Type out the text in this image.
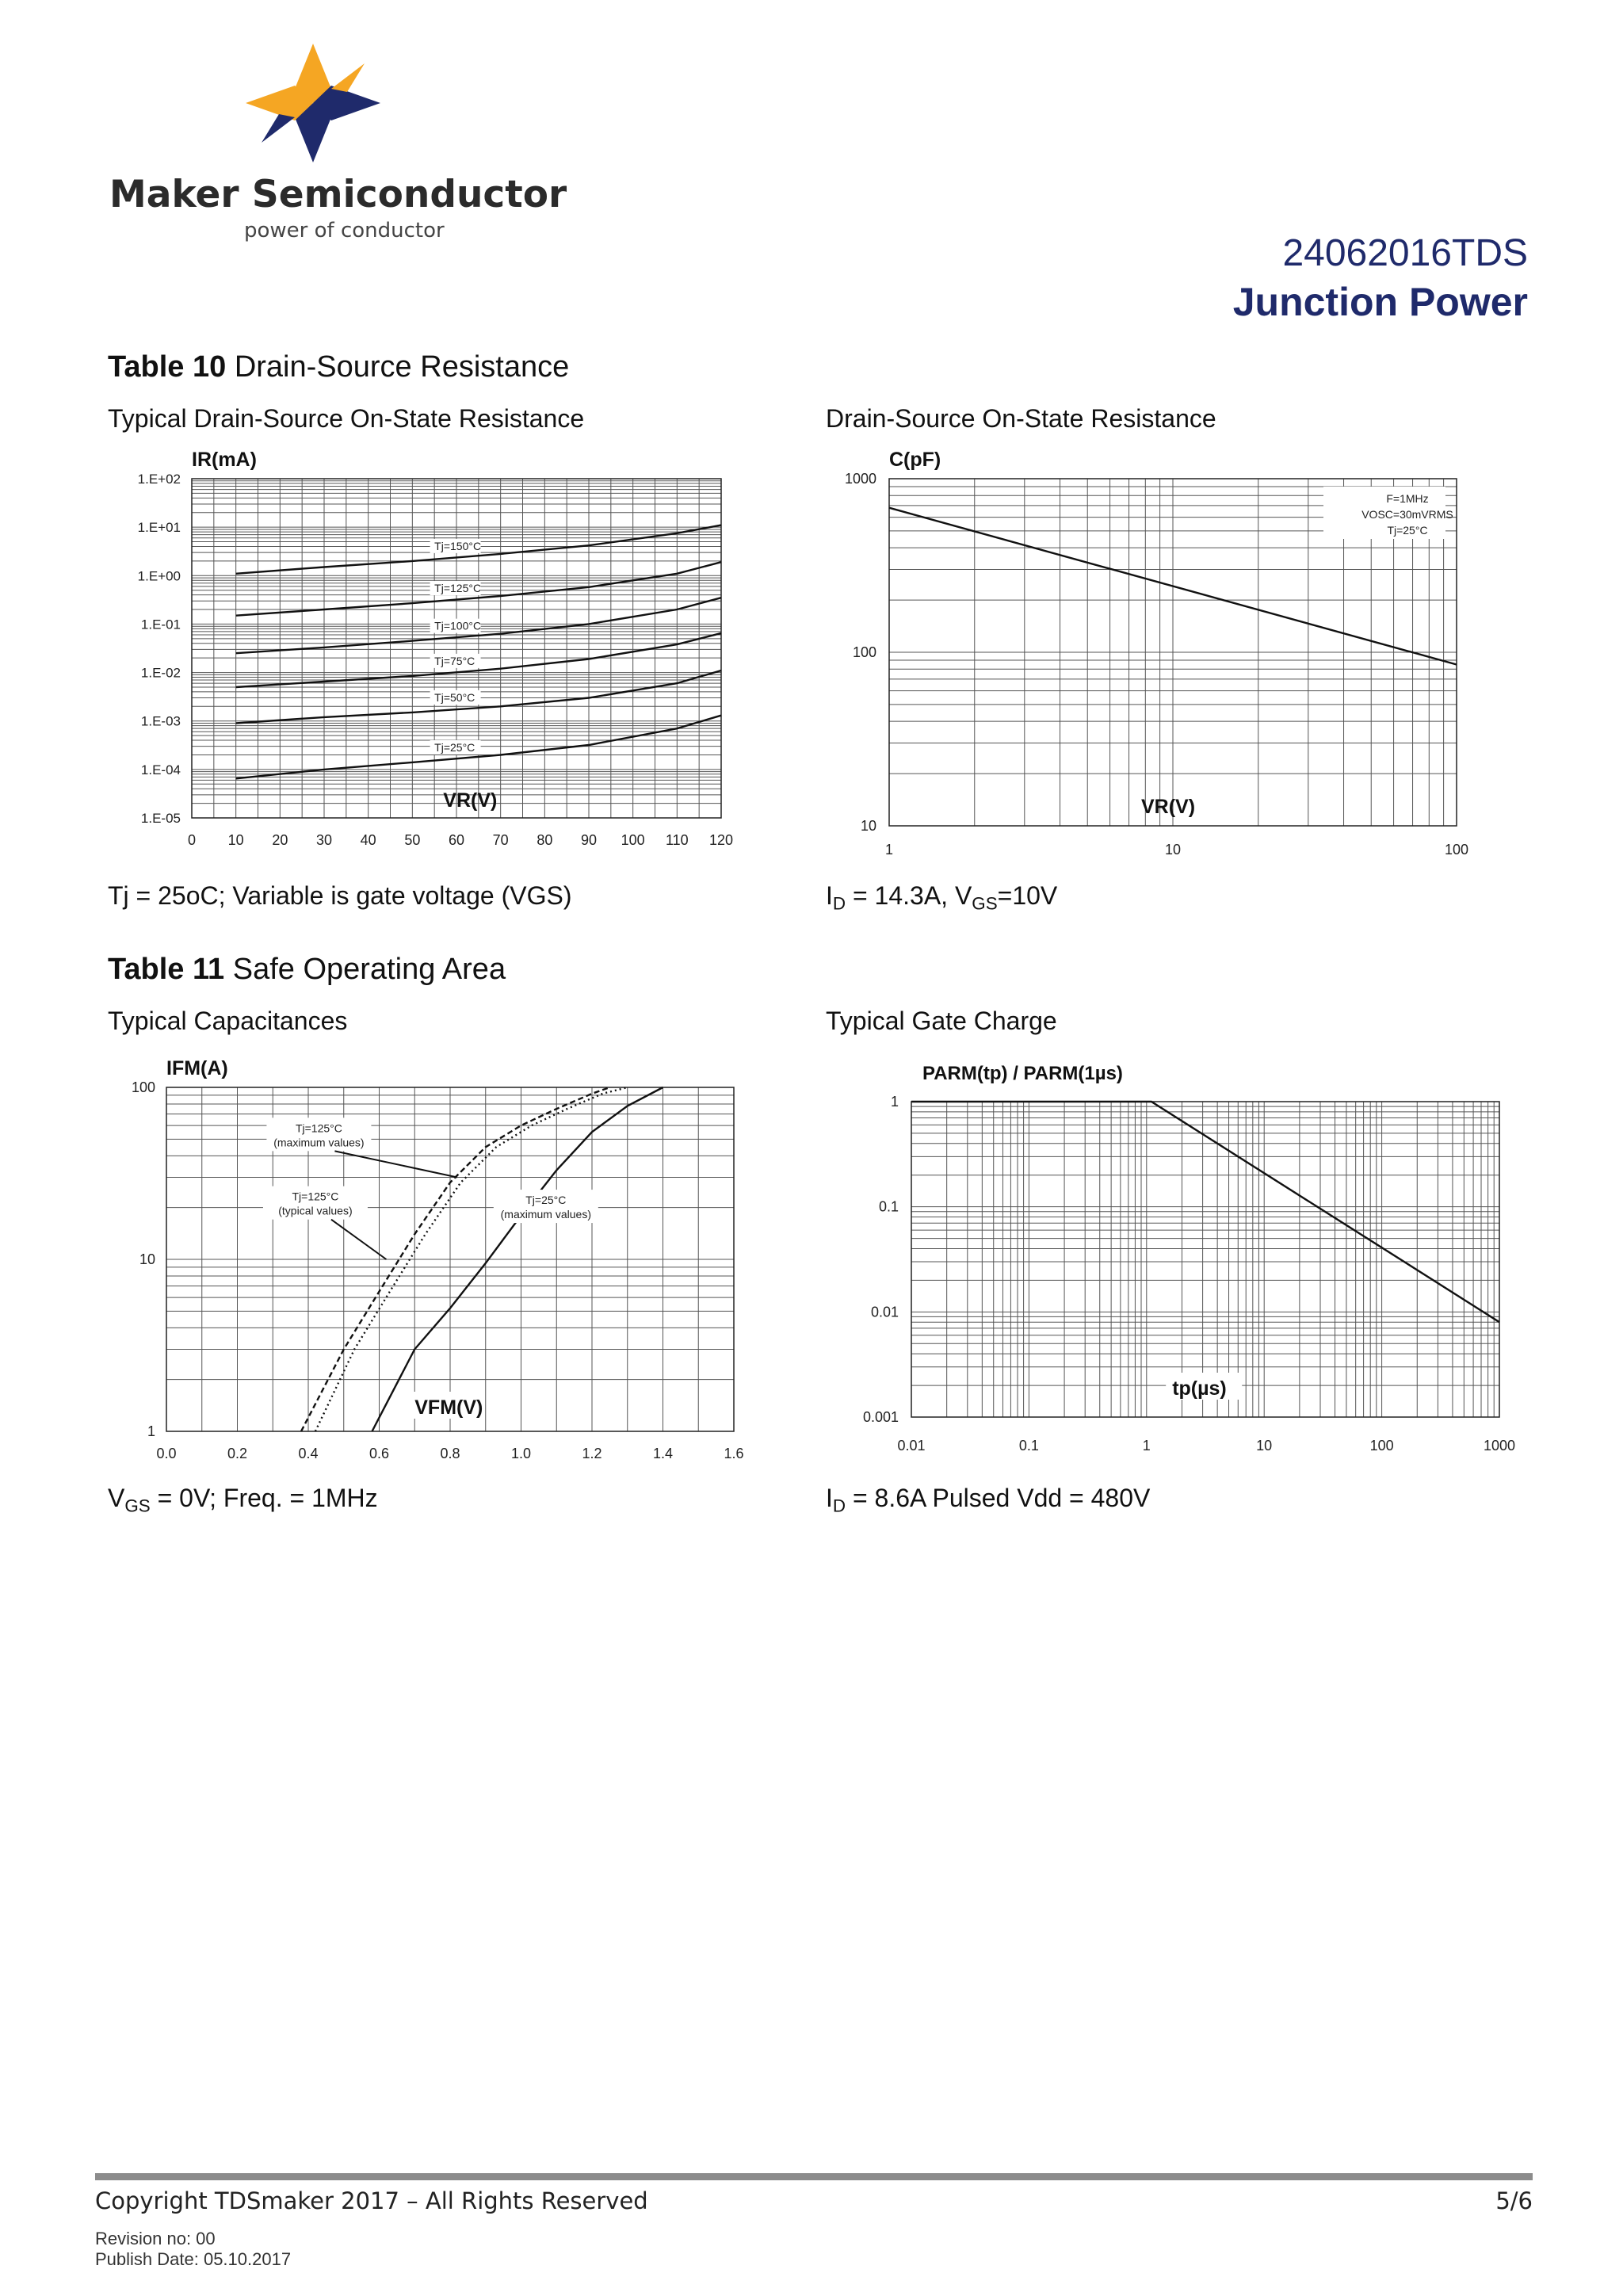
Maker Semiconductor
power of conductor
24062016TDS
Junction Power
Table 10 Drain-Source Resistance
Typical Drain-Source On-State Resistance	Drain-Source On-State Resistance
0 10 20 30 40 50 60 70 80 90 100 110 120
1.E+02
1.E+01
1.E+00
1.E-01
1.E-02
1.E-03
1.E-04
1.E-05
IR(mA)
VR(V)
Tj=150°C
Tj=125°C
Tj=100°C
Tj=75°C
Tj=50°C
Tj=25°C
1	10	100
1000
100
10
C(pF)
VR(V)
F=1MHz
VOSC=30mVRMS
Tj=25°C
Tj = 25oC; Variable is gate voltage (VGS)	$I_D = 14.3A$, $V_{GS}=10V$
Table 11 Safe Operating Area
Typical Capacitances	Typical Gate Charge
0.0	0.2	0.4	0.6	0.8	1.0	1.2	1.4	1.6
100
10
1
IFM(A)
VFM(V)
Tj=125°C
(maximum values)
Tj=125°C
(typical values)
Tj=25°C
(maximum values)
0.01	0.1	1	10	100	1000
1
0.1
0.01
0.001
PARM(tp) / PARM(1µs)
tp(µs)
$V_{GS} = 0V$; Freq. = 1MHz	$I_D = 8.6A$ Pulsed Vdd = 480V
Copyright TDSmaker 2017 – All Rights Reserved	5/6
Revision no: 00
Publish Date: 05.10.2017
